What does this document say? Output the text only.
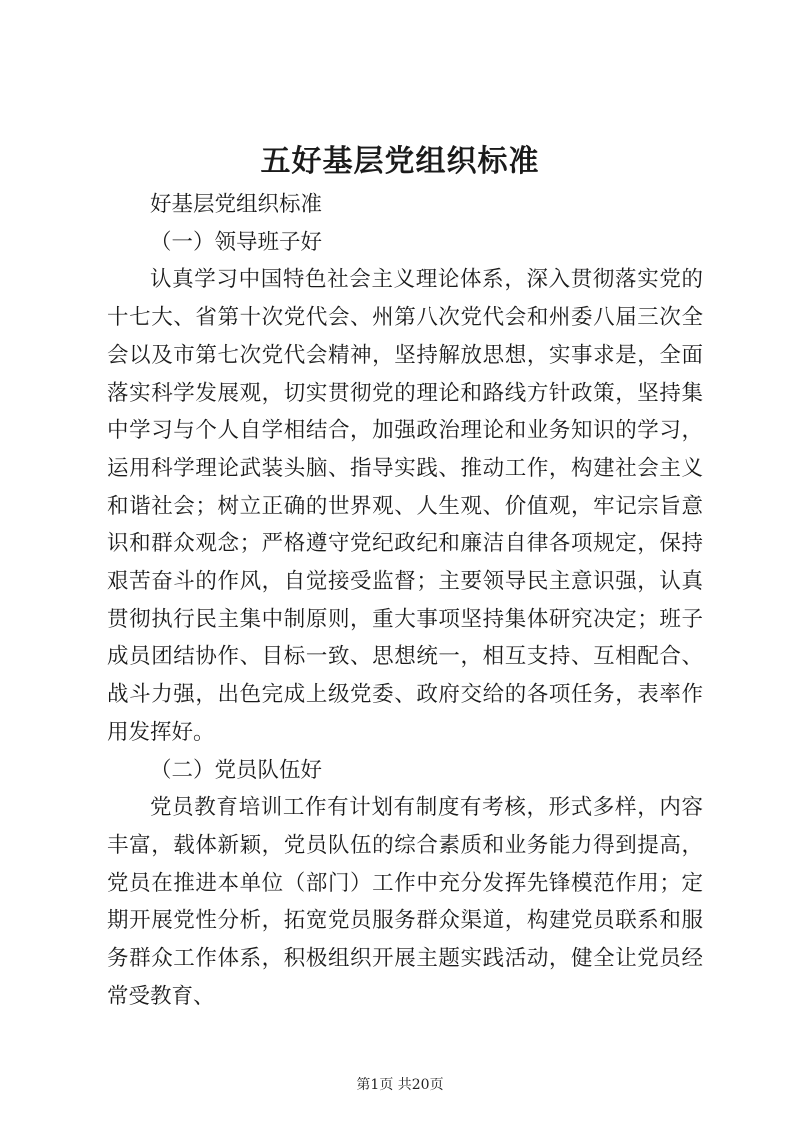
五好基层党组织标准

好基层党组织标准

（一）领导班子好

认真学习中国特色社会主义理论体系，深入贯彻落实党的十七大、省第十次党代会、州第八次党代会和州委八届三次全会以及市第七次党代会精神，坚持解放思想，实事求是，全面落实科学发展观，切实贯彻党的理论和路线方针政策，坚持集中学习与个人自学相结合，加强政治理论和业务知识的学习，运用科学理论武装头脑、指导实践、推动工作，构建社会主义和谐社会；树立正确的世界观、人生观、价值观，牢记宗旨意识和群众观念；严格遵守党纪政纪和廉洁自律各项规定，保持艰苦奋斗的作风，自觉接受监督；主要领导民主意识强，认真贯彻执行民主集中制原则，重大事项坚持集体研究决定；班子成员团结协作、目标一致、思想统一，相互支持、互相配合、战斗力强，出色完成上级党委、政府交给的各项任务，表率作用发挥好。

（二）党员队伍好

党员教育培训工作有计划有制度有考核，形式多样，内容丰富，载体新颖，党员队伍的综合素质和业务能力得到提高，党员在推进本单位（部门）工作中充分发挥先锋模范作用；定期开展党性分析，拓宽党员服务群众渠道，构建党员联系和服务群众工作体系，积极组织开展主题实践活动，健全让党员经常受教育、

第1页 共20页
